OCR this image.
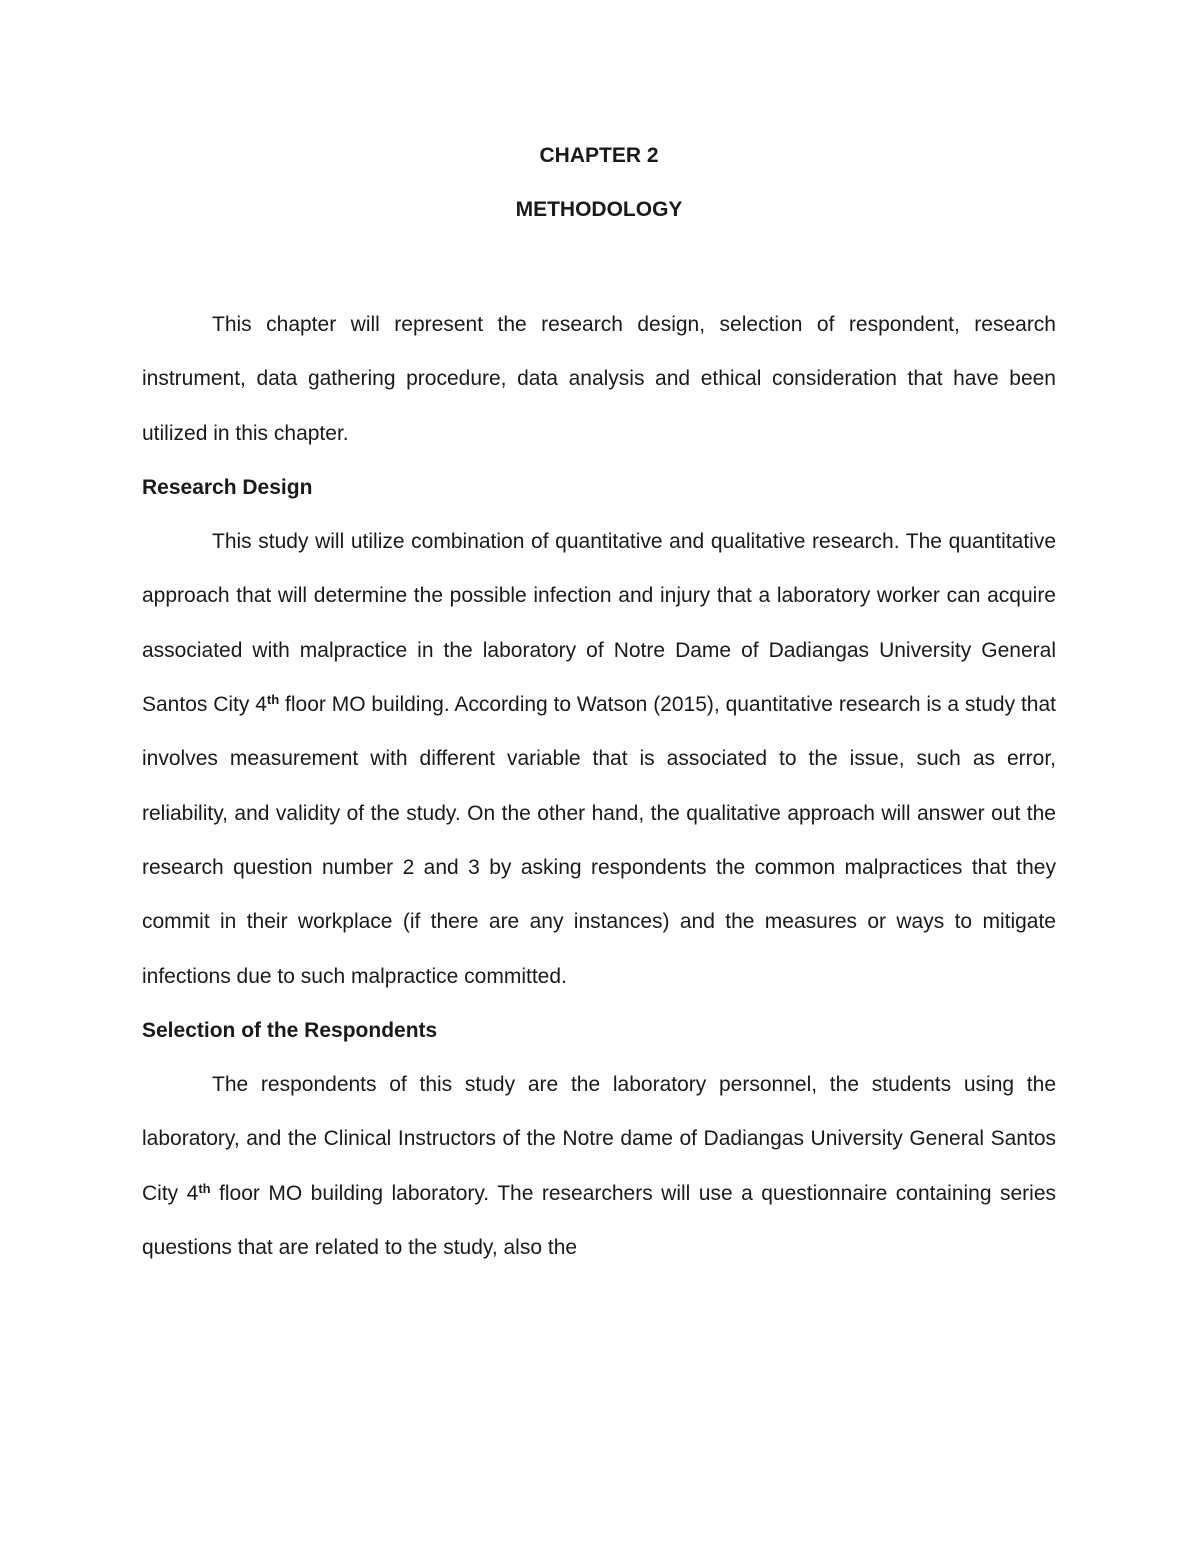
CHAPTER 2

METHODOLOGY

This chapter will represent the research design, selection of respondent, research instrument, data gathering procedure, data analysis and ethical consideration that have been utilized in this chapter.

Research Design

This study will utilize combination of quantitative and qualitative research. The quantitative approach that will determine the possible infection and injury that a laboratory worker can acquire associated with malpractice in the laboratory of Notre Dame of Dadiangas University General Santos City 4th floor MO building. According to Watson (2015), quantitative research is a study that involves measurement with different variable that is associated to the issue, such as error, reliability, and validity of the study. On the other hand, the qualitative approach will answer out the research question number 2 and 3 by asking respondents the common malpractices that they commit in their workplace (if there are any instances) and the measures or ways to mitigate infections due to such malpractice committed.

Selection of the Respondents

The respondents of this study are the laboratory personnel, the students using the laboratory, and the Clinical Instructors of the Notre dame of Dadiangas University General Santos City 4th floor MO building laboratory. The researchers will use a questionnaire containing series questions that are related to the study, also the
